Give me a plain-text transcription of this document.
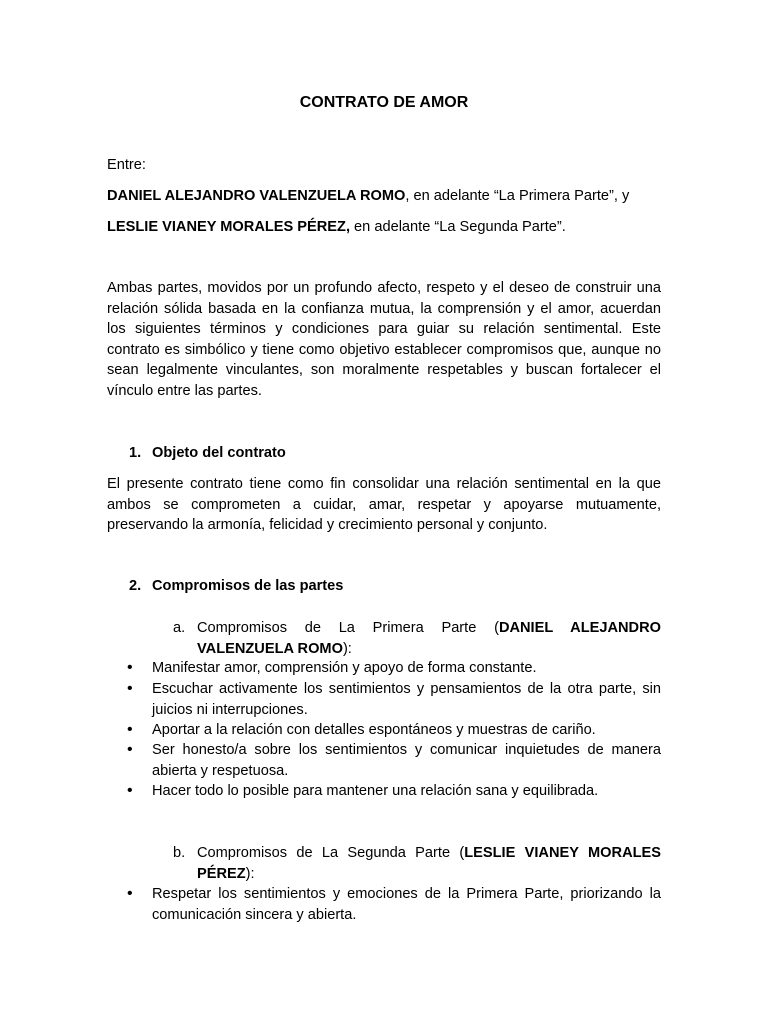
CONTRATO DE AMOR
Entre:
DANIEL ALEJANDRO VALENZUELA ROMO, en adelante “La Primera Parte”, y
LESLIE VIANEY MORALES PÉREZ, en adelante “La Segunda Parte”.
Ambas partes, movidos por un profundo afecto, respeto y el deseo de construir una relación sólida basada en la confianza mutua, la comprensión y el amor, acuerdan los siguientes términos y condiciones para guiar su relación sentimental. Este contrato es simbólico y tiene como objetivo establecer compromisos que, aunque no sean legalmente vinculantes, son moralmente respetables y buscan fortalecer el vínculo entre las partes.
1. Objeto del contrato
El presente contrato tiene como fin consolidar una relación sentimental en la que ambos se comprometen a cuidar, amar, respetar y apoyarse mutuamente, preservando la armonía, felicidad y crecimiento personal y conjunto.
2. Compromisos de las partes
a. Compromisos de La Primera Parte (DANIEL ALEJANDRO VALENZUELA ROMO):
•	Manifestar amor, comprensión y apoyo de forma constante.
•	Escuchar activamente los sentimientos y pensamientos de la otra parte, sin juicios ni interrupciones.
•	Aportar a la relación con detalles espontáneos y muestras de cariño.
•	Ser honesto/a sobre los sentimientos y comunicar inquietudes de manera abierta y respetuosa.
•	Hacer todo lo posible para mantener una relación sana y equilibrada.
b. Compromisos de La Segunda Parte (LESLIE VIANEY MORALES PÉREZ):
•	Respetar los sentimientos y emociones de la Primera Parte, priorizando la comunicación sincera y abierta.
